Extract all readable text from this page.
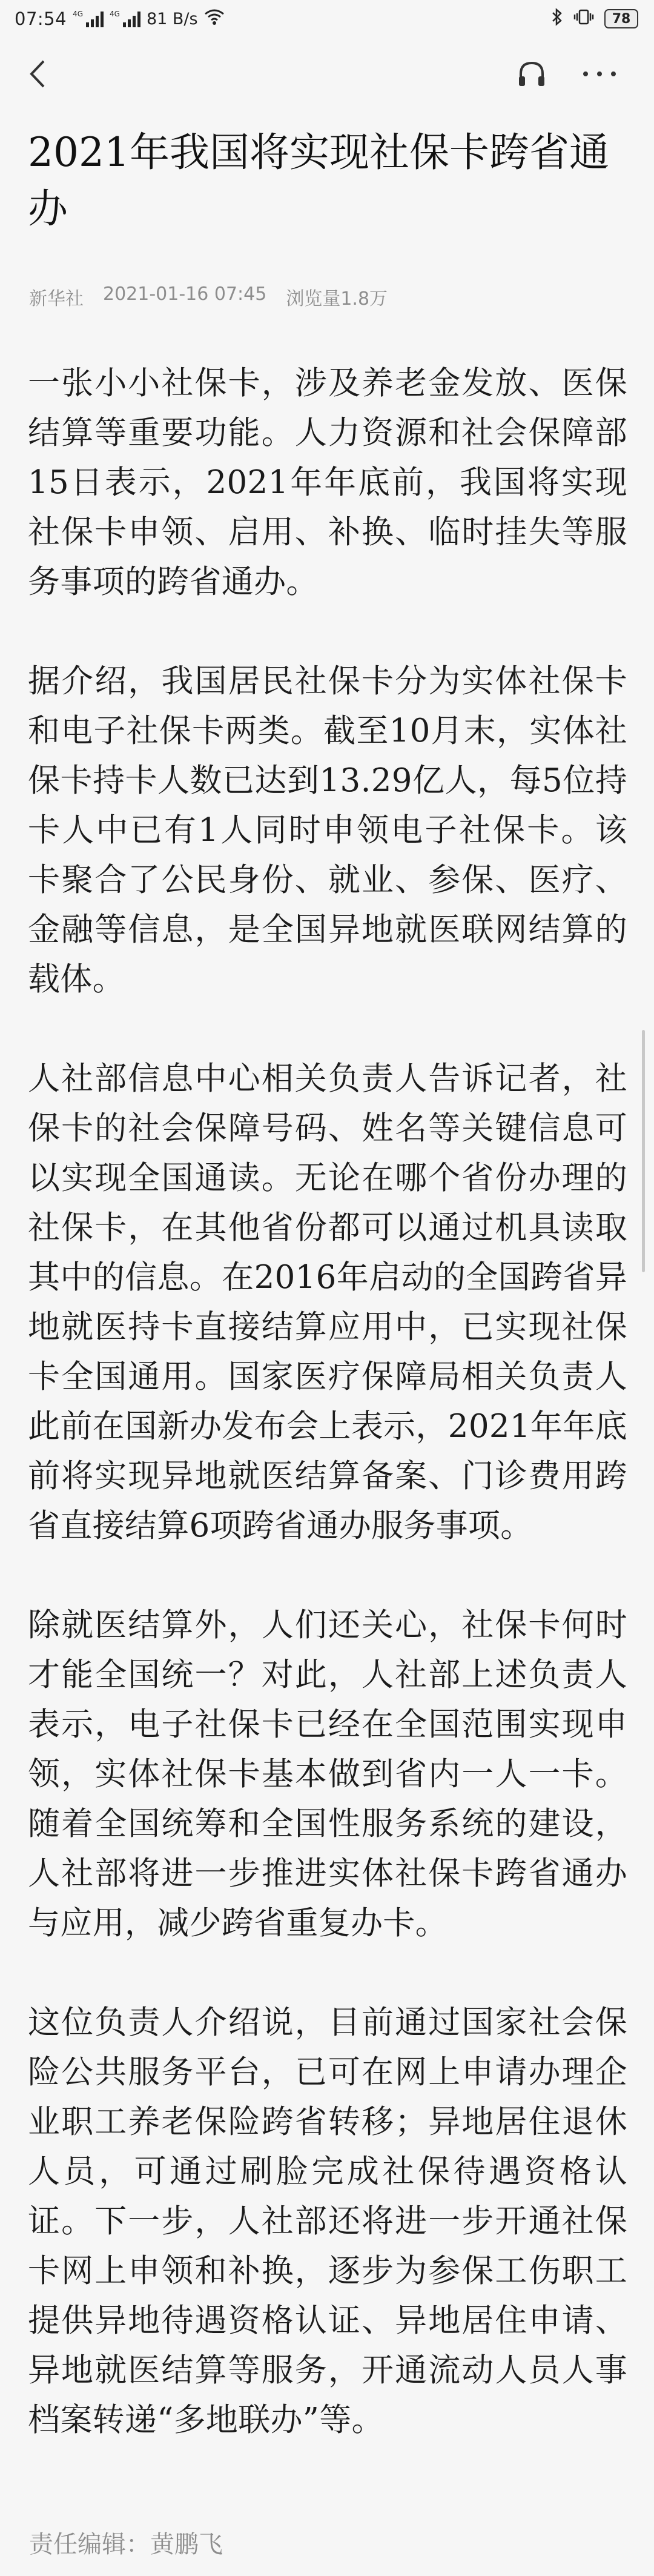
07:54 4G	4G 81 B/s	78
2021年我国将实现社保卡跨省通办
新华社 2021-01-16 07:45 浏览量1.8万

一张小小社保卡，涉及养老金发放、医保结算等重要功能。人力资源和社会保障部15日表示，2021年年底前，我国将实现社保卡申领、启用、补换、临时挂失等服务事项的跨省通办。

据介绍，我国居民社保卡分为实体社保卡和电子社保卡两类。截至10月末，实体社保卡持卡人数已达到13.29亿人，每5位持卡人中已有1人同时申领电子社保卡。该卡聚合了公民身份、就业、参保、医疗、金融等信息，是全国异地就医联网结算的载体。

人社部信息中心相关负责人告诉记者，社保卡的社会保障号码、姓名等关键信息可以实现全国通读。无论在哪个省份办理的社保卡，在其他省份都可以通过机具读取其中的信息。在2016年启动的全国跨省异地就医持卡直接结算应用中，已实现社保卡全国通用。国家医疗保障局相关负责人此前在国新办发布会上表示，2021年年底前将实现异地就医结算备案、门诊费用跨省直接结算6项跨省通办服务事项。

除就医结算外，人们还关心，社保卡何时才能全国统一？对此，人社部上述负责人表示，电子社保卡已经在全国范围实现申领，实体社保卡基本做到省内一人一卡。随着全国统筹和全国性服务系统的建设，人社部将进一步推进实体社保卡跨省通办与应用，减少跨省重复办卡。

这位负责人介绍说，目前通过国家社会保险公共服务平台，已可在网上申请办理企业职工养老保险跨省转移；异地居住退休人员，可通过刷脸完成社保待遇资格认证。下一步，人社部还将进一步开通社保卡网上申领和补换，逐步为参保工伤职工提供异地待遇资格认证、异地居住申请、异地就医结算等服务，开通流动人员人事档案转递“多地联办”等。

责任编辑：黄鹏飞
